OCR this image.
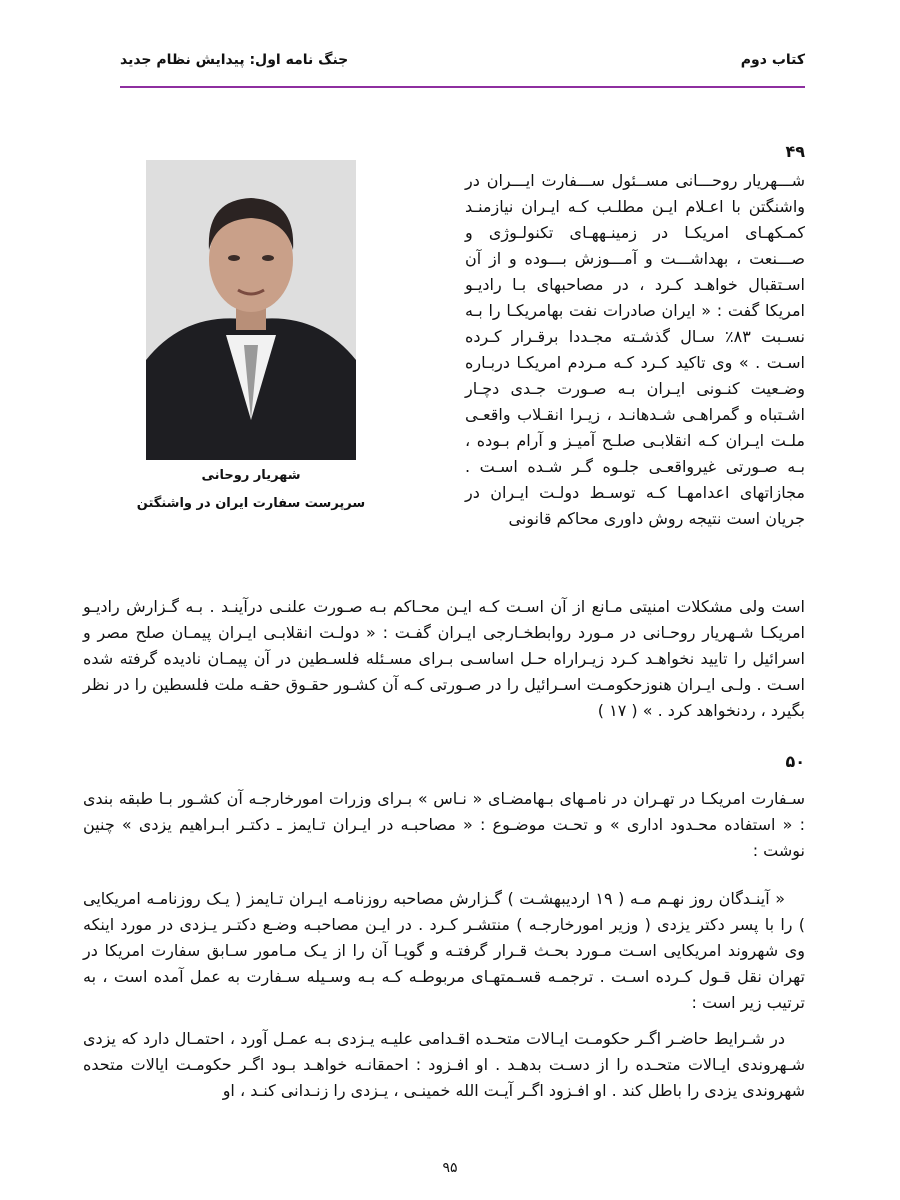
کتاب دوم
جنگ نامه اول: پیدایش نظام جدید
۴۹

شـــهریار روحـــانی مســئول ســـفارت ایـــران در واشنگتن با اعـلام ایـن مطلـب کـه ایـران نیازمنـد کمـکهـای امریکـا در زمینـههـای تکنولـوژی و صـــنعت ، بهداشـــت و آمـــوزش بـــوده و از آن اسـتقبال خواهـد کـرد ، در مصاحبهای بـا رادیـو امریکا گفت : « ایران صادرات نفت بهامریکـا را بـه نسـبت ۸۳٪ سـال گذشـته مجـددا برقـرار کـرده اسـت . » وی تاکید کـرد کـه مـردم امریکـا دربـاره وضـعیت کنـونی ایـران بـه صـورت جـدی دچـار اشـتباه و گمراهـی شـدهانـد ، زیـرا انقـلاب واقعـی ملـت ایـران کـه انقلابـی صلـح آمیـز و آرام بـوده ، بـه صـورتی غیرواقعـی جلـوه گـر شـده اسـت . مجازاتهای اعدامهـا کـه توسـط دولـت ایـران در جریان است نتیجه روش داوری محاکم قانونی

شهریار روحانی
سرپرست سفارت ایران در واشنگتن

است ولی مشکلات امنیتی مـانع از آن اسـت کـه ایـن محـاکم بـه صـورت علنـی درآینـد . بـه گـزارش رادیـو امریکـا شـهریار روحـانی در مـورد روابطخـارجی ایـران گفـت : « دولـت انقلابـی ایـران پیمـان صلح مصر و اسرائیل را تایید نخواهـد کـرد زیـراراه حـل اساسـی بـرای مسـئله فلسـطین در آن پیمـان نادیده گرفته شده اسـت . ولـی ایـران هنوزحکومـت اسـرائیل را در صـورتی کـه آن کشـور حقـوق حقـه ملت فلسطین را در نظر بگیرد ، ردنخواهد کرد . » ( ۱۷ )

۵۰

سـفارت امریکـا در تهـران در نامـهای بـهامضـای « نـاس » بـرای وزرات امورخارجـه آن کشـور بـا طبقه بندی : « استفاده محـدود اداری » و تحـت موضـوع : « مصاحبـه در ایـران تـایمز ـ دکتـر ابـراهیم یزدی » چنین نوشت :

« آینـدگان روز نهـم مـه ( ۱۹ اردیبهشـت ) گـزارش مصاحبه روزنامـه ایـران تـایمز ( یـک روزنامـه امریکایی ) را با پسر دکتر یزدی ( وزیر امورخارجـه ) منتشـر کـرد . در ایـن مصاحبـه وضـع دکتـر یـزدی در مورد اینکه وی شهروند امریکایی اسـت مـورد بحـث قـرار گرفتـه و گویـا آن را از یـک مـامور سـابق سفارت امریکا در تهران نقل قـول کـرده اسـت . ترجمـه قسـمتهـای مربوطـه کـه بـه وسـیله سـفارت به عمل آمده است ، به ترتیب زیر است :

در شـرایط حاضـر اگـر حکومـت ایـالات متحـده اقـدامی علیـه یـزدی بـه عمـل آورد ، احتمـال دارد که یزدی شـهروندی ایـالات متحـده را از دسـت بدهـد . او افـزود : احمقانـه خواهـد بـود اگـر حکومـت ایالات متحده شهروندی یزدی را باطل کند . او افـزود اگـر آیـت الله خمینـی ، یـزدی را زنـدانی کنـد ، او

۹۵
